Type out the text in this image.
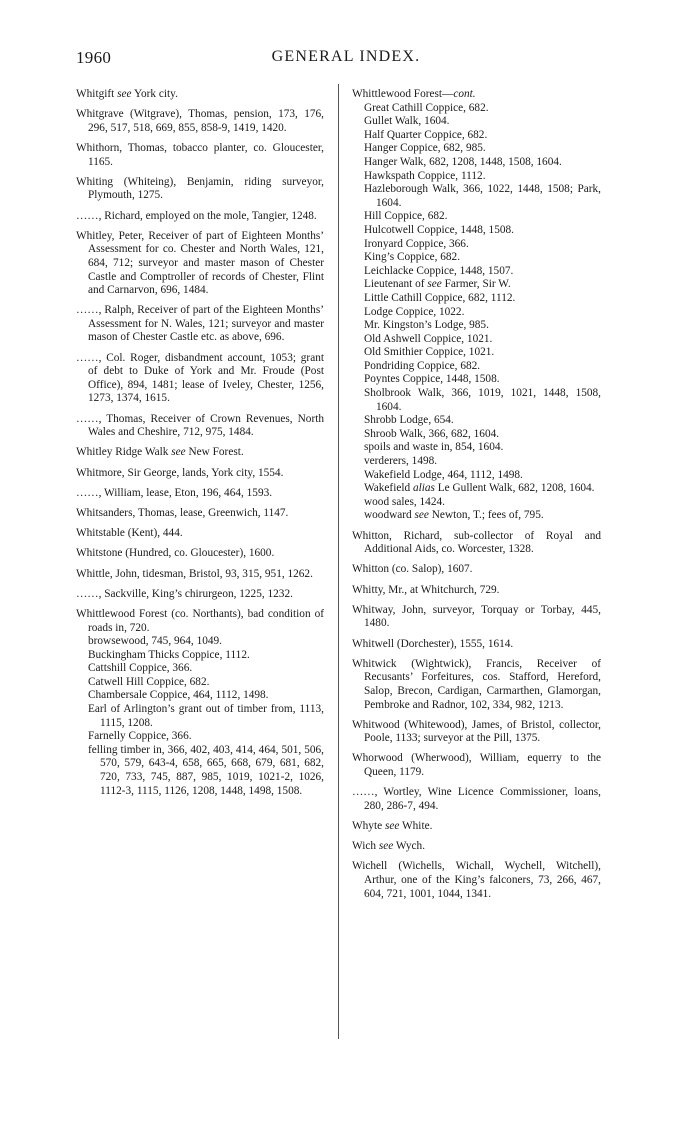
1960	GENERAL INDEX.

Whitgift see York city.

Whitgrave (Witgrave), Thomas, pension, 173, 176, 296, 517, 518, 669, 855, 858-9, 1419, 1420.

Whithorn, Thomas, tobacco planter, co. Gloucester, 1165.

Whiting (Whiteing), Benjamin, riding surveyor, Plymouth, 1275.

……, Richard, employed on the mole, Tangier, 1248.

Whitley, Peter, Receiver of part of Eighteen Months’ Assessment for co. Chester and North Wales, 121, 684, 712; surveyor and master mason of Chester Castle and Comptroller of records of Chester, Flint and Carnarvon, 696, 1484.

……, Ralph, Receiver of part of the Eighteen Months’ Assessment for N. Wales, 121; surveyor and master mason of Chester Castle etc. as above, 696.

……, Col. Roger, disbandment account, 1053; grant of debt to Duke of York and Mr. Froude (Post Office), 894, 1481; lease of Iveley, Chester, 1256, 1273, 1374, 1615.

……, Thomas, Receiver of Crown Revenues, North Wales and Cheshire, 712, 975, 1484.

Whitley Ridge Walk see New Forest.

Whitmore, Sir George, lands, York city, 1554.

……, William, lease, Eton, 196, 464, 1593.

Whitsanders, Thomas, lease, Greenwich, 1147.

Whitstable (Kent), 444.

Whitstone (Hundred, co. Gloucester), 1600.

Whittle, John, tidesman, Bristol, 93, 315, 951, 1262.

……, Sackville, King’s chirurgeon, 1225, 1232.

Whittlewood Forest (co. Northants), bad condition of roads in, 720.

browsewood, 745, 964, 1049.

Buckingham Thicks Coppice, 1112.

Cattshill Coppice, 366.

Catwell Hill Coppice, 682.

Chambersale Coppice, 464, 1112, 1498.

Earl of Arlington’s grant out of timber from, 1113, 1115, 1208.

Farnelly Coppice, 366.

felling timber in, 366, 402, 403, 414, 464, 501, 506, 570, 579, 643-4, 658, 665, 668, 679, 681, 682, 720, 733, 745, 887, 985, 1019, 1021-2, 1026, 1112-3, 1115, 1126, 1208, 1448, 1498, 1508.

Whittlewood Forest—cont.

Great Cathill Coppice, 682.

Gullet Walk, 1604.

Half Quarter Coppice, 682.

Hanger Coppice, 682, 985.

Hanger Walk, 682, 1208, 1448, 1508, 1604.

Hawkspath Coppice, 1112.

Hazleborough Walk, 366, 1022, 1448, 1508; Park, 1604.

Hill Coppice, 682.

Hulcotwell Coppice, 1448, 1508.

Ironyard Coppice, 366.

King’s Coppice, 682.

Leichlacke Coppice, 1448, 1507.

Lieutenant of see Farmer, Sir W.

Little Cathill Coppice, 682, 1112.

Lodge Coppice, 1022.

Mr. Kingston’s Lodge, 985.

Old Ashwell Coppice, 1021.

Old Smithier Coppice, 1021.

Pondriding Coppice, 682.

Poyntes Coppice, 1448, 1508.

Sholbrook Walk, 366, 1019, 1021, 1448, 1508, 1604.

Shrobb Lodge, 654.

Shroob Walk, 366, 682, 1604.

spoils and waste in, 854, 1604.

verderers, 1498.

Wakefield Lodge, 464, 1112, 1498.

Wakefield alias Le Gullent Walk, 682, 1208, 1604.

wood sales, 1424.

woodward see Newton, T.; fees of, 795.

Whitton, Richard, sub-collector of Royal and Additional Aids, co. Worcester, 1328.

Whitton (co. Salop), 1607.

Whitty, Mr., at Whitchurch, 729.

Whitway, John, surveyor, Torquay or Torbay, 445, 1480.

Whitwell (Dorchester), 1555, 1614.

Whitwick (Wightwick), Francis, Receiver of Recusants’ Forfeitures, cos. Stafford, Hereford, Salop, Brecon, Cardigan, Carmarthen, Glamorgan, Pembroke and Radnor, 102, 334, 982, 1213.

Whitwood (Whitewood), James, of Bristol, collector, Poole, 1133; surveyor at the Pill, 1375.

Whorwood (Wherwood), William, equerry to the Queen, 1179.

……, Wortley, Wine Licence Commissioner, loans, 280, 286-7, 494.

Whyte see White.

Wich see Wych.

Wichell (Wichells, Wichall, Wychell, Witchell), Arthur, one of the King’s falconers, 73, 266, 467, 604, 721, 1001, 1044, 1341.
